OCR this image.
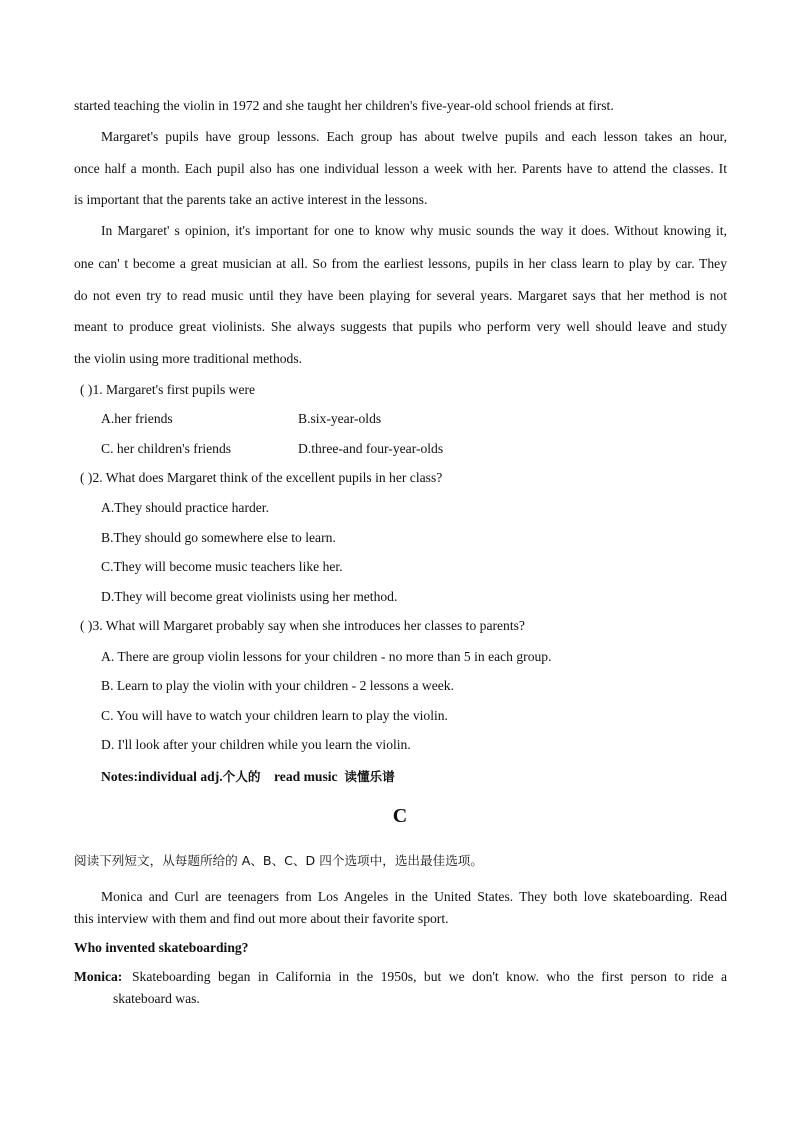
started teaching the violin in 1972 and she taught her children's five-year-old school friends at first.
Margaret's pupils have group lessons. Each group has about twelve pupils and each lesson takes an hour,
once half a month. Each pupil also has one individual lesson a week with her. Parents have to attend the classes. It
is important that the parents take an active interest in the lessons.
In Margaret' s opinion, it's important for one to know why music sounds the way it does. Without knowing it,
one can' t become a great musician at all. So from the earliest lessons, pupils in her class learn to play by car. They
do not even try to read music until they have been playing for several years. Margaret says that her method is not
meant to produce great violinists. She always suggests that pupils who perform very well should leave and study
the violin using more traditional methods.
( )1. Margaret's first pupils were
A.her friends	B.six-year-olds
C. her children's friends	D.three-and four-year-olds
( )2. What does Margaret think of the excellent pupils in her class?
A.They should practice harder.
B.They should go somewhere else to learn.
C.They will become music teachers like her.
D.They will become great violinists using her method.
( )3. What will Margaret probably say when she introduces her classes to parents?
A. There are group violin lessons for your children - no more than 5 in each group.
B. Learn to play the violin with your children - 2 lessons a week.
C. You will have to watch your children learn to play the violin.
D. I'll look after your children while you learn the violin.
Notes:individual adj.个人的 read music 读懂乐谱
C
阅读下列短文，从每题所给的 A、B、C、D 四个选项中，选出最佳选项。
Monica and Curl are teenagers from Los Angeles in the United States. They both love skateboarding. Read
this interview with them and find out more about their favorite sport.
Who invented skateboarding?
Monica: Skateboarding began in California in the 1950s, but we don't know. who the first person to ride a
skateboard was.
